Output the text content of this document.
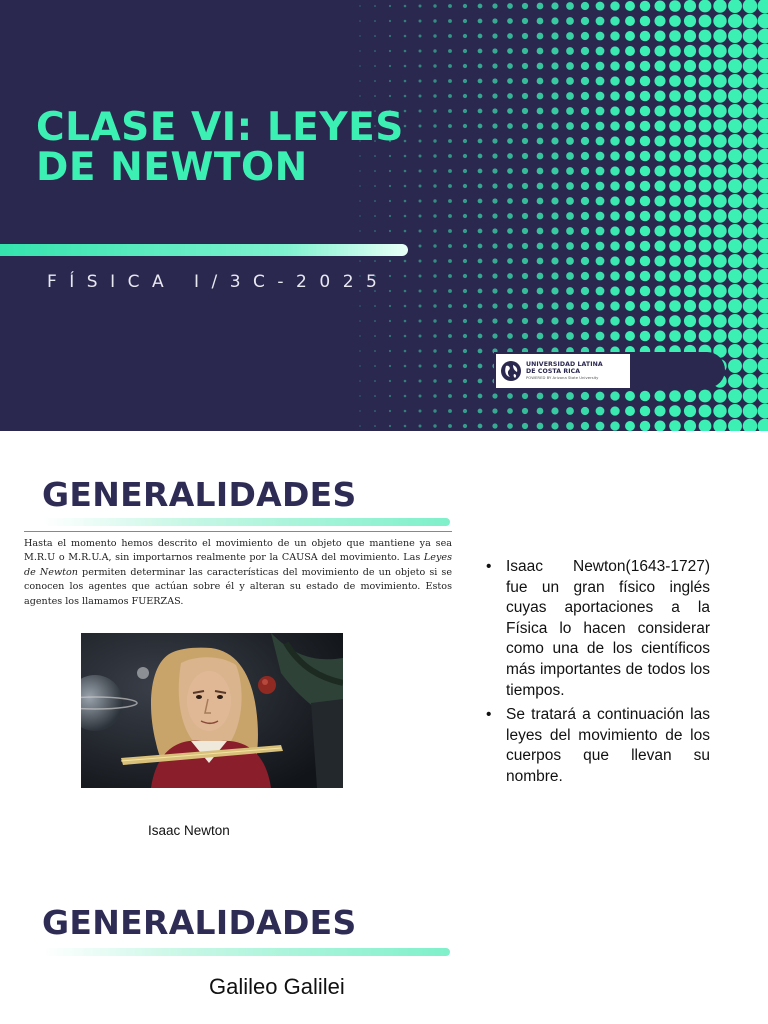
CLASE VI: LEYES DE NEWTON
FÍSICA I/3C-2025
UNIVERSIDAD LATINA
DE COSTA RICA
POWERED BY Arizona State University
GENERALIDADES

Hasta el momento hemos descrito el movimiento de un objeto que mantiene ya sea M.R.U o M.R.U.A, sin importarnos realmente por la CAUSA del movimiento. Las Leyes de Newton permiten determinar las características del movimiento de un objeto si se conocen los agentes que actúan sobre él y alteran su estado de movimiento. Estos agentes los llamamos FUERZAS.

Isaac Newton
• Isaac Newton(1643-1727) fue un gran físico inglés cuyas aportaciones a la Física lo hacen considerar como una de los científicos más importantes de todos los tiempos.
• Se tratará a continuación las leyes del movimiento de los cuerpos que llevan su nombre.
GENERALIDADES
Galileo Galilei
